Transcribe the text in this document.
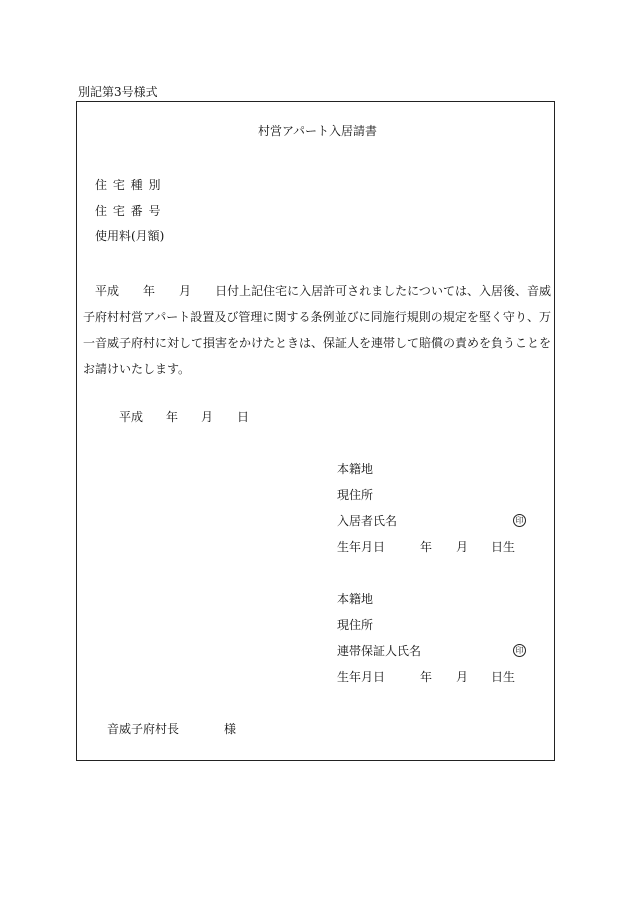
別記第3号様式
村営アパート入居請書
住 宅 種 別
住 宅 番 号
使用料(月額)
平成　　年　　月　　日付上記住宅に入居許可されましたについては、入居後、音威
子府村村営アパート設置及び管理に関する条例並びに同施行規則の規定を堅く守り、万
一音威子府村に対して損害をかけたときは、保証人を連帯して賠償の責めを負うことを
お請けいたします。
平成 年 月 日
本籍地
現住所
入居者氏名	印
生年月日	年 月 日生
本籍地
現住所
連帯保証人氏名	印
生年月日	年 月 日生
音威子府村長	様
